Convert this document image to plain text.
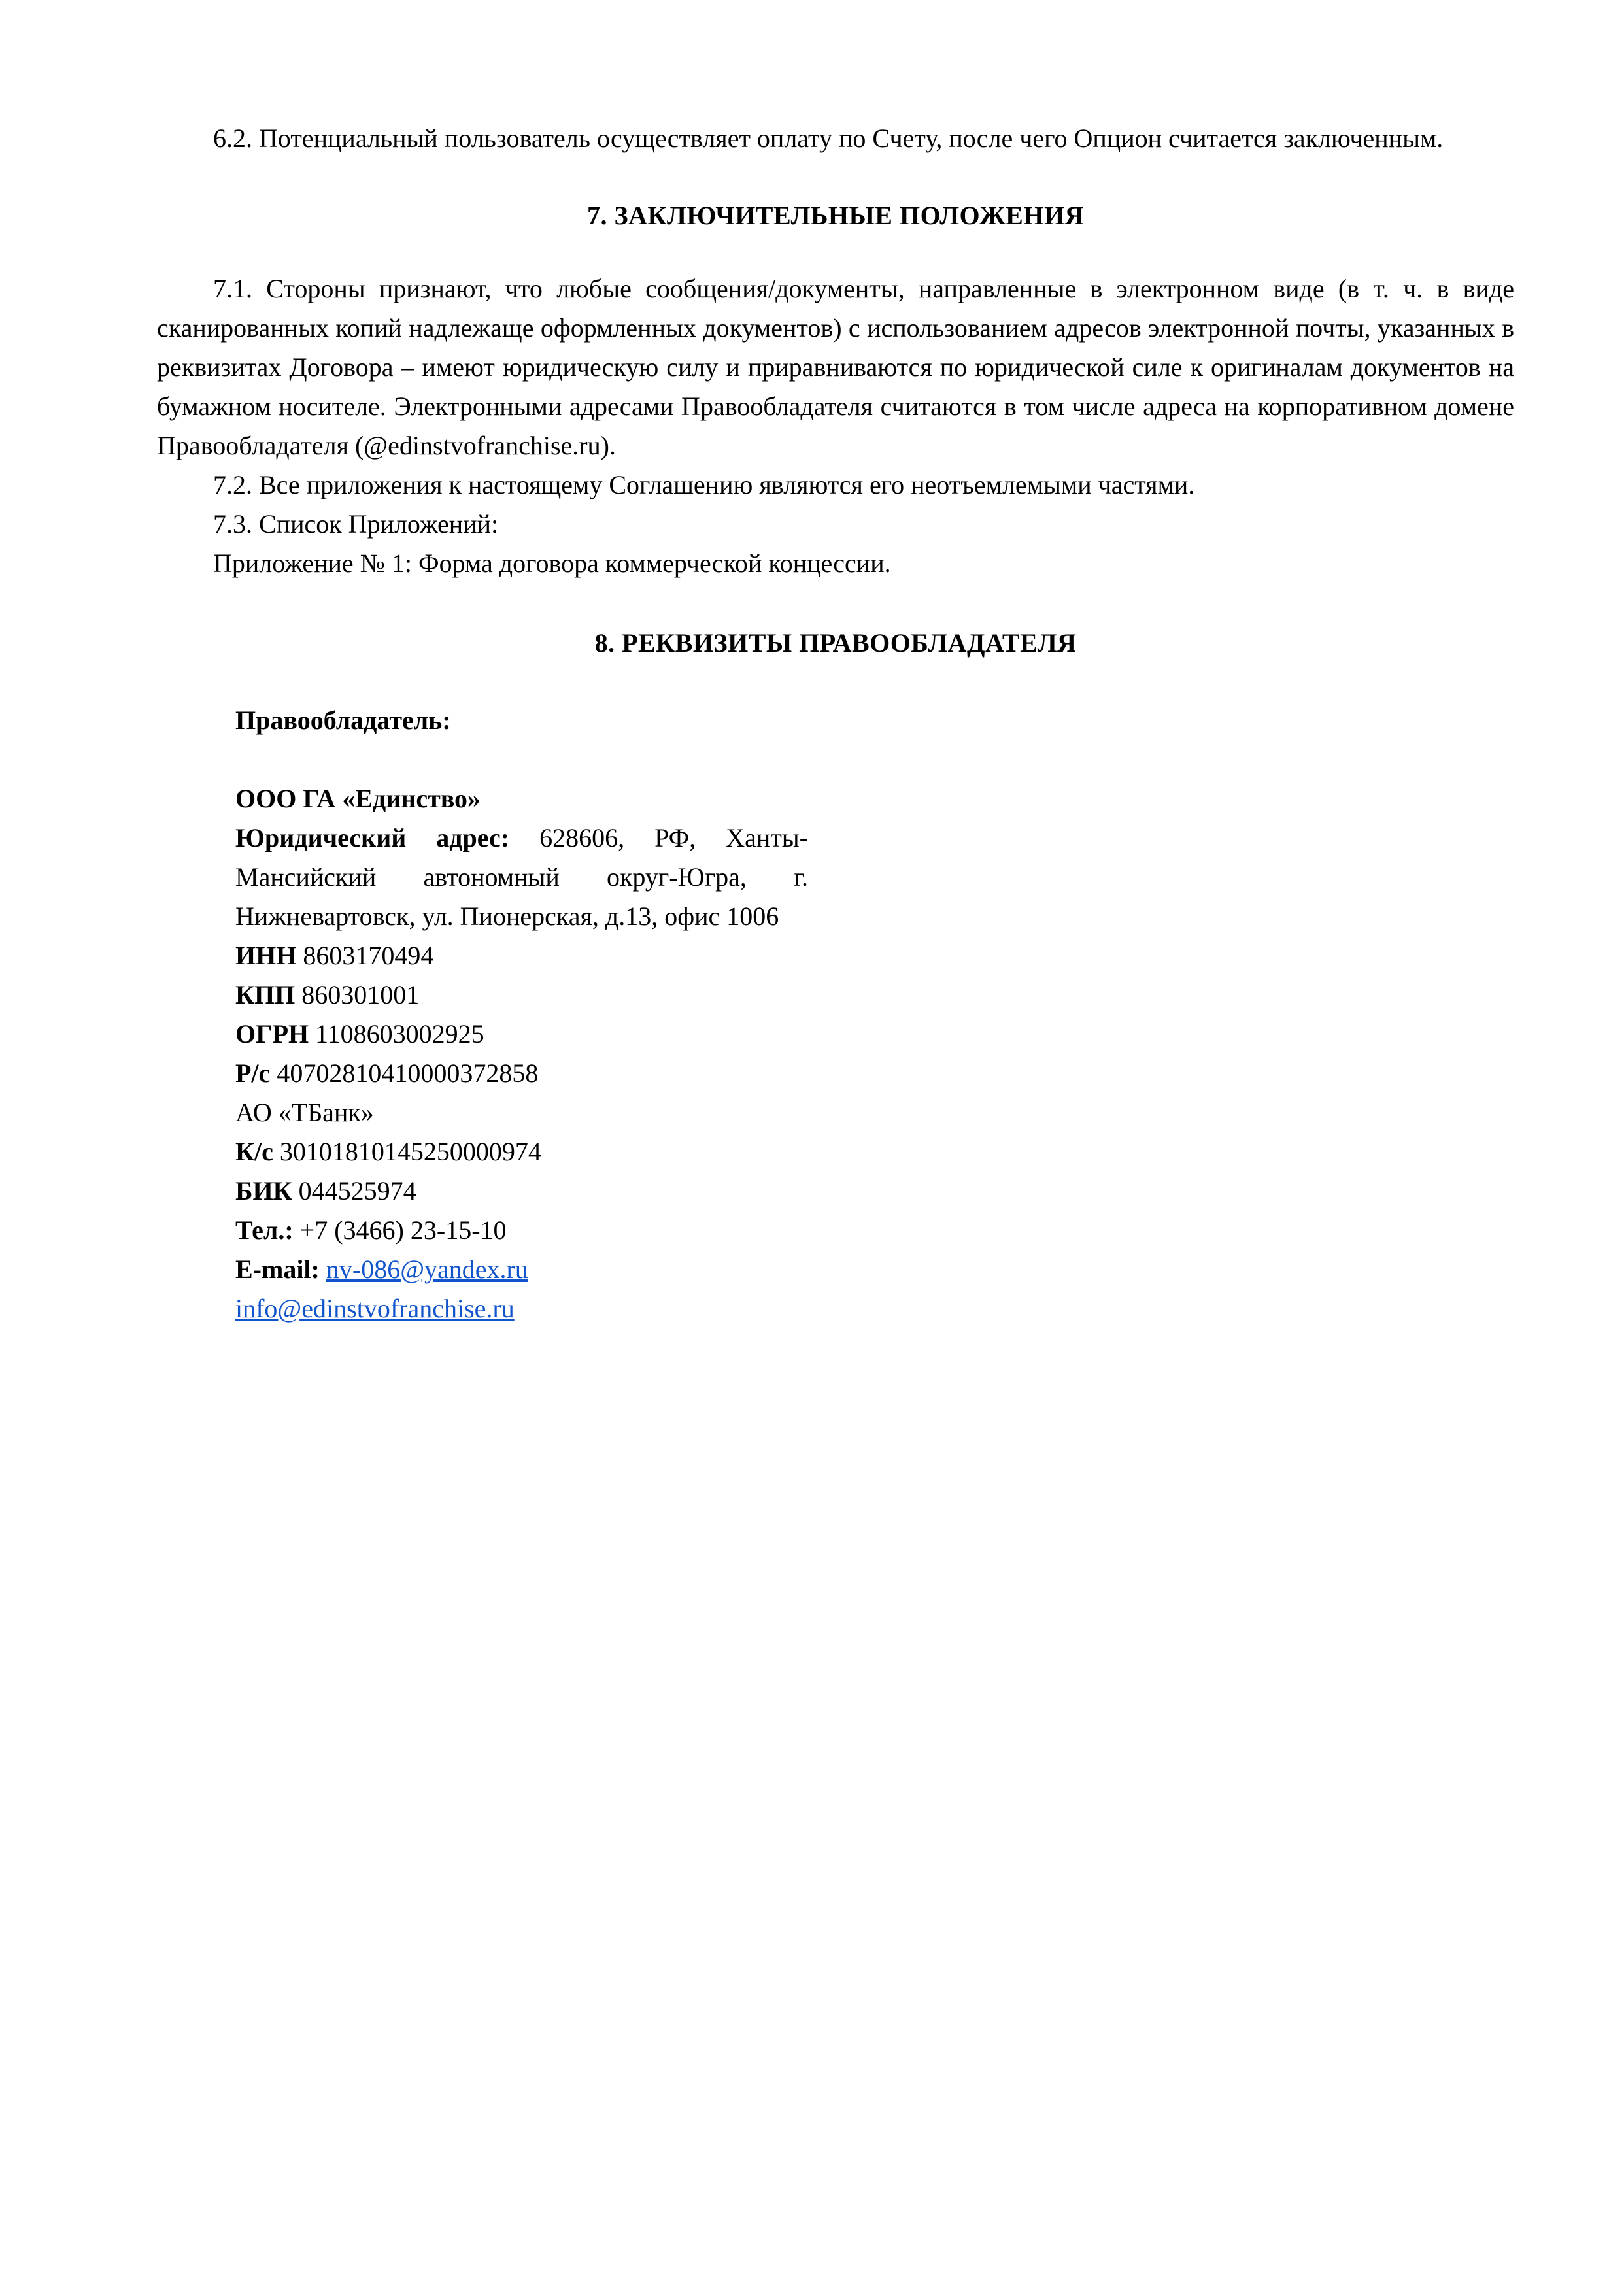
6.2. Потенциальный пользователь осуществляет оплату по Счету, после чего Опцион считается заключенным.

7. ЗАКЛЮЧИТЕЛЬНЫЕ ПОЛОЖЕНИЯ

7.1. Стороны признают, что любые сообщения/документы, направленные в электронном виде (в т. ч. в виде сканированных копий надлежаще оформленных документов) с использованием адресов электронной почты, указанных в реквизитах Договора – имеют юридическую силу и приравниваются по юридической силе к оригиналам документов на бумажном носителе. Электронными адресами Правообладателя считаются в том числе адреса на корпоративном домене Правообладателя (@edinstvofranchise.ru).

7.2. Все приложения к настоящему Соглашению являются его неотъемлемыми частями.

7.3. Список Приложений:

Приложение № 1: Форма договора коммерческой концессии.

8. РЕКВИЗИТЫ ПРАВООБЛАДАТЕЛЯ

Правообладатель:

ООО ГА «Единство»

Юридический адрес: 628606, РФ, Ханты-Мансийский автономный округ-Югра, г. Нижневартовск, ул. Пионерская, д.13, офис 1006

ИНН 8603170494

КПП 860301001

ОГРН 1108603002925

Р/с 40702810410000372858

АО «ТБанк»

К/с 30101810145250000974

БИК 044525974

Тел.: +7 (3466) 23-15-10

E-mail: nv-086@yandex.ru

info@edinstvofranchise.ru
